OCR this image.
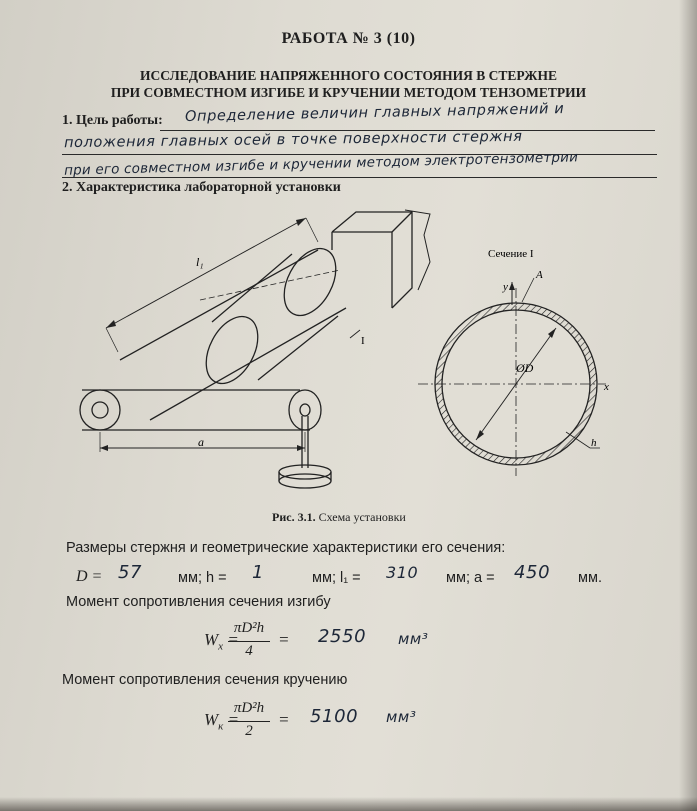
РАБОТА № 3 (10)
ИССЛЕДОВАНИЕ НАПРЯЖЕННОГО СОСТОЯНИЯ В СТЕРЖНЕ
ПРИ СОВМЕСТНОМ ИЗГИБЕ И КРУЧЕНИИ МЕТОДОМ ТЕНЗОМЕТРИИ
1. Цель работы: Определение величин главных напряжений и
положения главных осей в точке поверхности стержня
при его совместном изгибе и кручении методом электротензометрии
2. Характеристика лабораторной установки
Сечение I
l₁
I
a
y
A
ØD
x
h
Рис. 3.1. Схема установки
Размеры стержня и геометрические характеристики его сечения:
D = 57 мм; h = 1	мм; l₁ = 310 мм; a = 450 мм.
Момент сопротивления сечения изгибу
$W_x$ =
πD²h
4
= 2550 мм³
Момент сопротивления сечения кручению
$W_к$ =
πD²h
2
= 5100 мм³
